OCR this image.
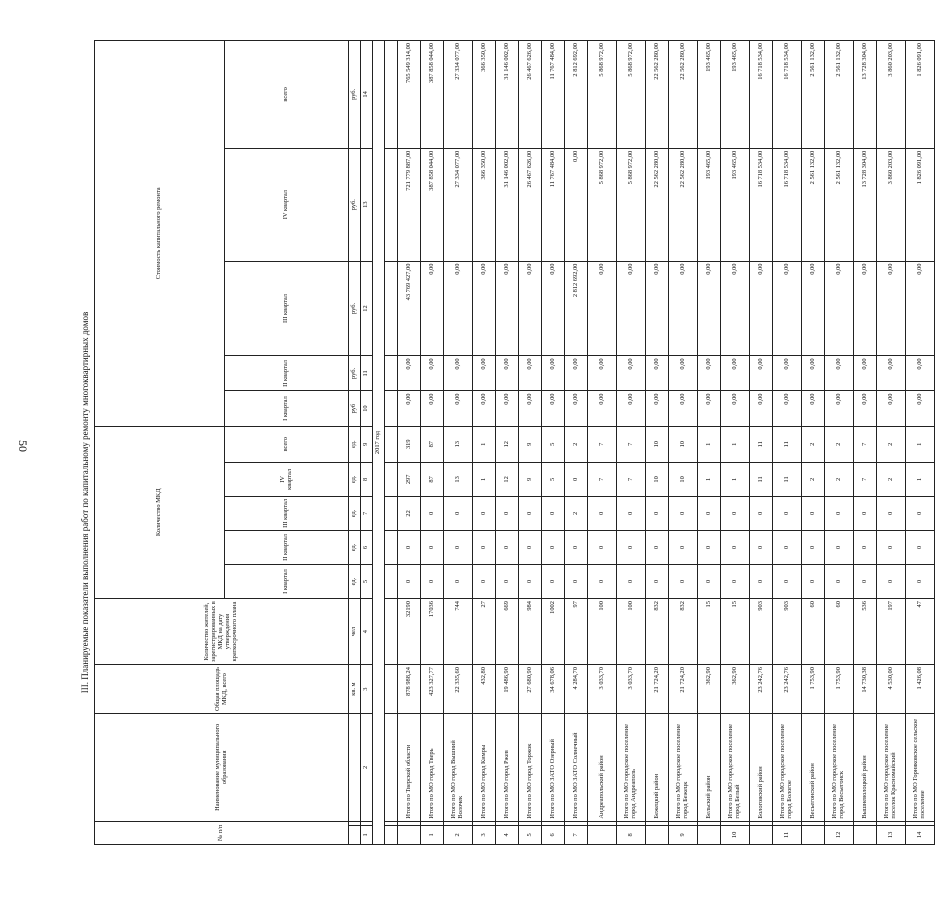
50
III. Планируемые показатели выполнения работ по капитальному ремонту многоквартирных домов
№ п/п		Наименование муниципального образования	Общая площадь МКД, всего	Количество жителей, зарегистрированных в МКД на дату утверждения краткосрочного плана	Количество МКД					Стоимость капитального ремонта				
					I квартал	II квартал	III квартал	IV квартал	всего	I квартал	II квартал	III квартал	IV квартал	всего
			кв. м	чел	ед.	ед.	ед.	ед.	ед.	руб	руб.	руб.	руб.	руб.
1		2	3	4	5	6	7	8	9	10	11	12	13	14
2017 год														

		Итого по Тверской области	878 988,24	32190	0	0	22	297	319	0,00	0,00	43 769 427,00	721 779 887,00	765 549 314,00
1		Итого по МО город Тверь	423 327,77	17036	0	0	0	87	87	0,00	0,00	0,00	387 858 044,00	387 858 044,00
2		Итого по МО город Вышний Волочек	22 335,60	744	0	0	0	13	13	0,00	0,00	0,00	27 334 077,00	27 334 077,00
3		Итого по МО город Кимры	432,80	27	0	0	0	1	1	0,00	0,00	0,00	366 350,00	366 350,00
4		Итого по МО город Ржев	19 486,90	669	0	0	0	12	12	0,00	0,00	0,00	31 146 002,00	31 146 002,00
5		Итого по МО город Торжок	27 680,90	984	0	0	0	9	9	0,00	0,00	0,00	26 467 626,00	26 467 626,00
6		Итого по МО ЗАТО Озерный	34 678,06	1002	0	0	0	5	5	0,00	0,00	0,00	11 767 484,00	11 767 484,00
7		Итого по МО ЗАТО Солнечный	4 284,70	97	0	0	2	0	2	0,00	0,00	2 812 692,00	0,00	2 812 692,00
		Андреапольский район	3 033,70	100	0	0	0	7	7	0,00	0,00	0,00	5 868 972,00	5 868 972,00
8		Итого по МО городское поселение город Андреаполь	3 033,70	100	0	0	0	7	7	0,00	0,00	0,00	5 868 972,00	5 868 972,00
		Бежецкий район	21 724,20	832	0	0	0	10	10	0,00	0,00	0,00	22 562 280,00	22 562 280,00
9		Итого по МО городское поселение город Бежецк	21 724,20	832	0	0	0	10	10	0,00	0,00	0,00	22 562 280,00	22 562 280,00
		Бельский район	362,90	15	0	0	0	1	1	0,00	0,00	0,00	193 465,00	193 465,00
10		Итого по МО городское поселение город Белый	362,90	15	0	0	0	1	1	0,00	0,00	0,00	193 465,00	193 465,00
		Бологовский район	23 242,76	903	0	0	0	11	11	0,00	0,00	0,00	16 718 534,00	16 718 534,00
11		Итого по МО городское поселение город Бологое	23 242,76	903	0	0	0	11	11	0,00	0,00	0,00	16 718 534,00	16 718 534,00
		Весьегонский район	1 753,90	60	0	0	0	2	2	0,00	0,00	0,00	2 561 132,00	2 561 132,00
12		Итого по МО городское поселение город Весьегонск	1 753,90	60	0	0	0	2	2	0,00	0,00	0,00	2 561 132,00	2 561 132,00
		Вышневолоцкий район	14 730,38	536	0	0	0	7	7	0,00	0,00	0,00	13 728 304,00	13 728 304,00
13		Итого по МО городское поселение поселок Красномайский	4 530,00	197	0	0	0	2	2	0,00	0,00	0,00	3 860 203,00	3 860 203,00
14		Итого по МО Горняковское сельское поселение	1 426,08	47	0	0	0	1	1	0,00	0,00	0,00	1 826 091,00	1 826 091,00
